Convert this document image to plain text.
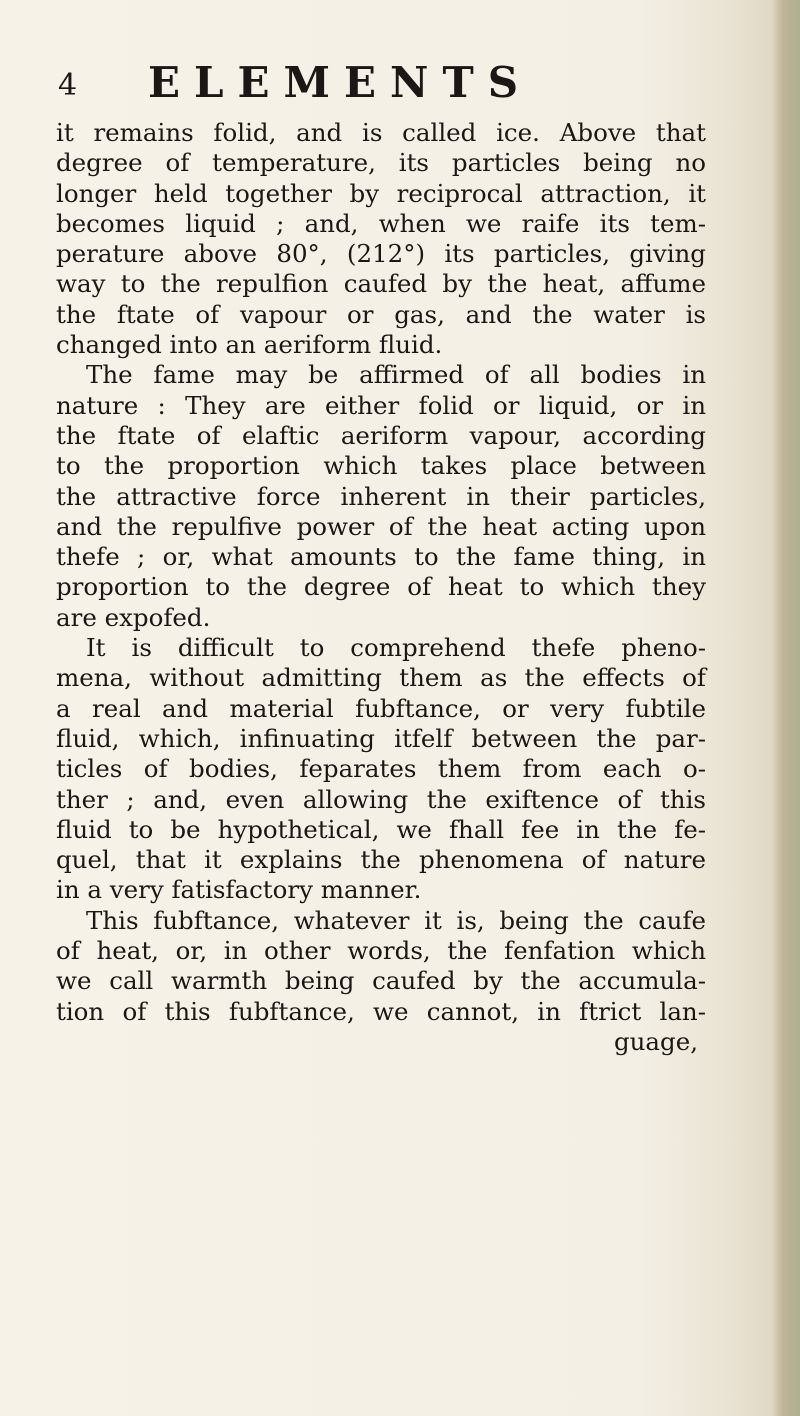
4 ELEMENTS
it remains folid, and is called ice. Above that
degree of temperature, its particles being no
longer held together by reciprocal attraction, it
becomes liquid ; and, when we raife its tem-
perature above 80°, (212°) its particles, giving
way to the repulfion caufed by the heat, affume
the ftate of vapour or gas, and the water is
changed into an aeriform fluid.
The fame may be affirmed of all bodies in
nature : They are either folid or liquid, or in
the ftate of elaftic aeriform vapour, according
to the proportion which takes place between
the attractive force inherent in their particles,
and the repulfive power of the heat acting upon
thefe ; or, what amounts to the fame thing, in
proportion to the degree of heat to which they
are expofed.
It is difficult to comprehend thefe pheno-
mena, without admitting them as the effects of
a real and material fubftance, or very fubtile
fluid, which, infinuating itfelf between the par-
ticles of bodies, feparates them from each o-
ther ; and, even allowing the exiftence of this
fluid to be hypothetical, we fhall fee in the fe-
quel, that it explains the phenomena of nature
in a very fatisfactory manner.
This fubftance, whatever it is, being the caufe
of heat, or, in other words, the fenfation which
we call warmth being caufed by the accumula-
tion of this fubftance, we cannot, in ftrict lan-
guage,
